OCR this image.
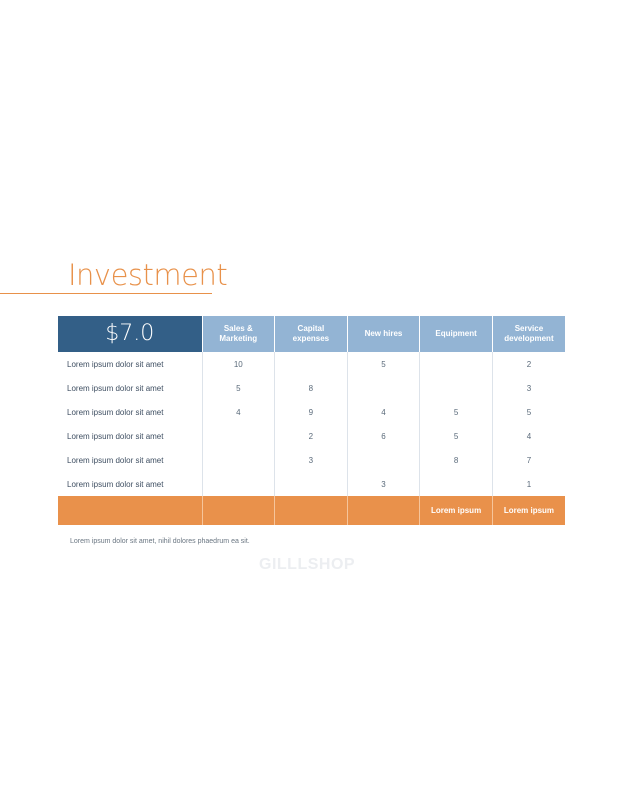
Investment
$7.0	Sales & Marketing	Capital expenses	New hires	Equipment	Service development
Lorem ipsum dolor sit amet	10		5		2
Lorem ipsum dolor sit amet	5	8			3
Lorem ipsum dolor sit amet	4	9	4	5	5
Lorem ipsum dolor sit amet		2	6	5	4
Lorem ipsum dolor sit amet		3		8	7
Lorem ipsum dolor sit amet			3		1
				Lorem ipsum	Lorem ipsum
Lorem ipsum dolor sit amet, nihil dolores phaedrum ea sit.
GILLLSHOP
